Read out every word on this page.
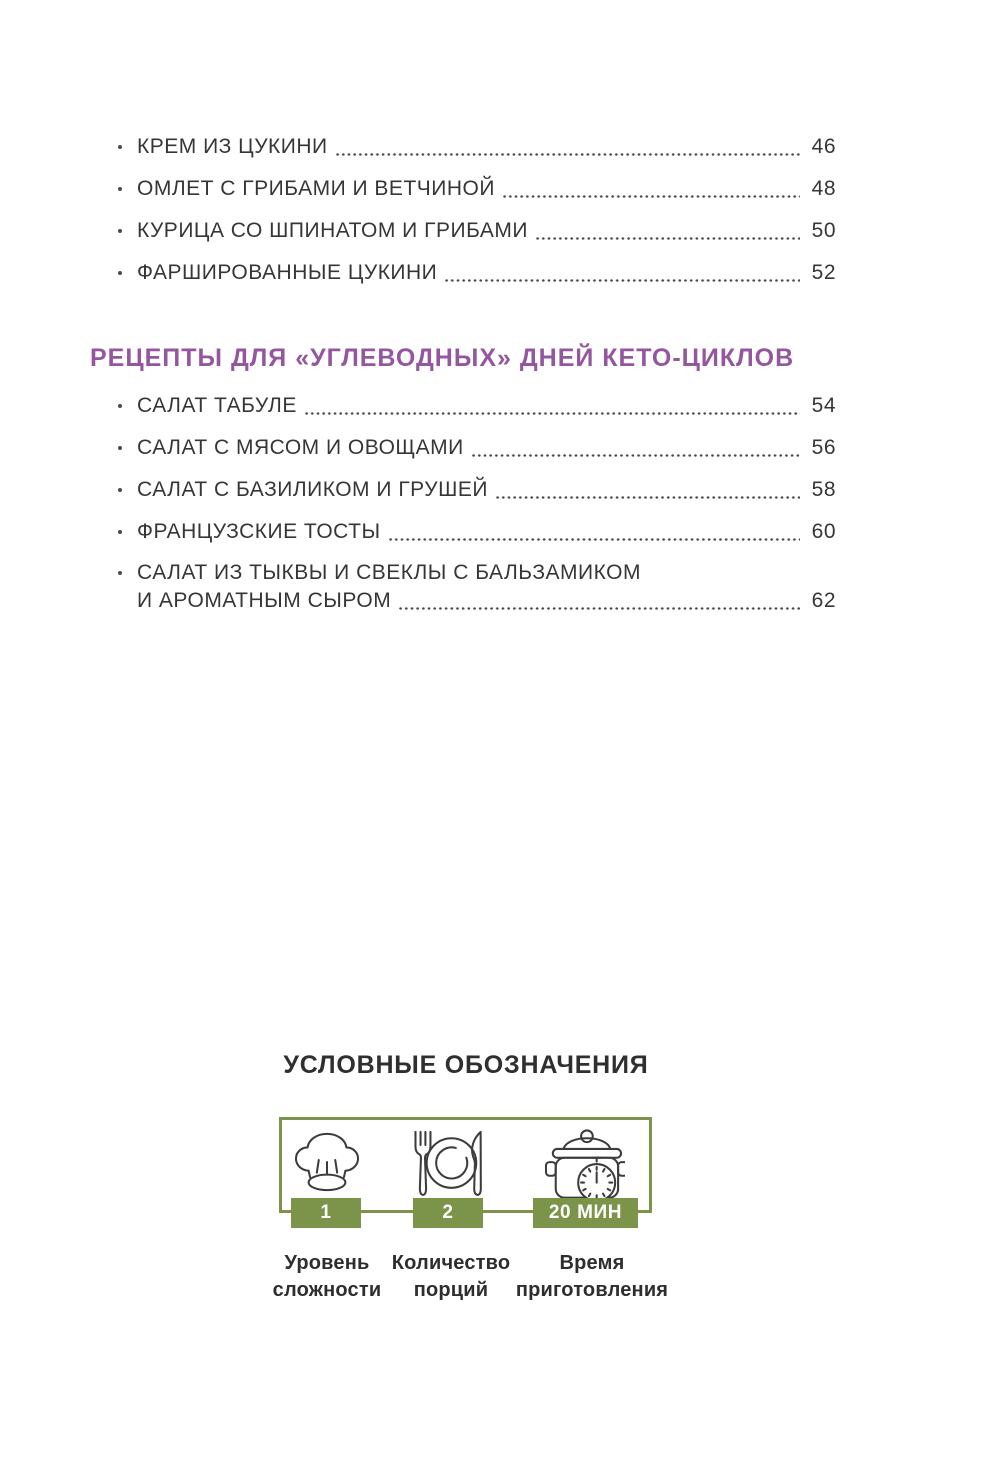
КРЕМ ИЗ ЦУКИНИ	46
ОМЛЕТ С ГРИБАМИ И ВЕТЧИНОЙ	48
КУРИЦА СО ШПИНАТОМ И ГРИБАМИ	50
ФАРШИРОВАННЫЕ ЦУКИНИ	52
РЕЦЕПТЫ ДЛЯ «УГЛЕВОДНЫХ» ДНЕЙ КЕТО-ЦИКЛОВ
САЛАТ ТАБУЛЕ	54
САЛАТ С МЯСОМ И ОВОЩАМИ	56
САЛАТ С БАЗИЛИКОМ И ГРУШЕЙ	58
ФРАНЦУЗСКИЕ ТОСТЫ	60
САЛАТ ИЗ ТЫКВЫ И СВЕКЛЫ С БАЛЬЗАМИКОМ
И АРОМАТНЫМ СЫРОМ	62
УСЛОВНЫЕ ОБОЗНАЧЕНИЯ
1	2	20 МИН
Уровень
сложности
Количество
порций
Время
приготовления
